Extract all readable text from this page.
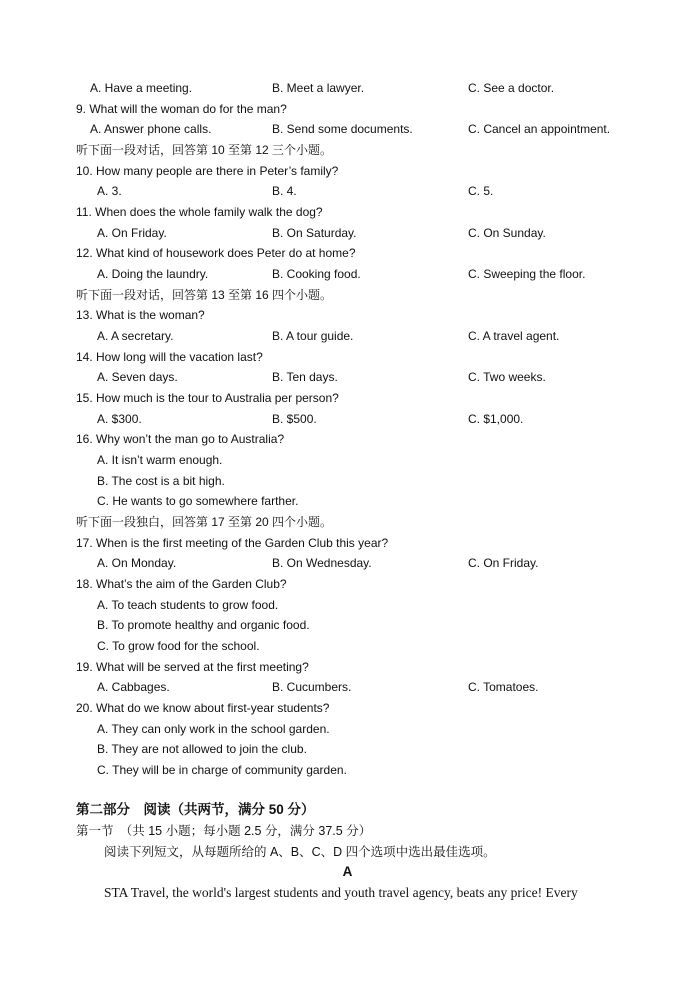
A. Have a meeting.	B. Meet a lawyer.	C. See a doctor.
9. What will the woman do for the man?
A. Answer phone calls.	B. Send some documents.	C. Cancel an appointment.
听下面一段对话，回答第 10 至第 12 三个小题。
10. How many people are there in Peter’s family?
A. 3.	B. 4.	C. 5.
11. When does the whole family walk the dog?
A. On Friday.	B. On Saturday.	C. On Sunday.
12. What kind of housework does Peter do at home?
A. Doing the laundry.	B. Cooking food.	C. Sweeping the floor.
听下面一段对话，回答第 13 至第 16 四个小题。
13. What is the woman?
A. A secretary.	B. A tour guide.	C. A travel agent.
14. How long will the vacation last?
A. Seven days.	B. Ten days.	C. Two weeks.
15. How much is the tour to Australia per person?
A. $300.	B. $500.	C. $1,000.
16. Why won’t the man go to Australia?
A. It isn’t warm enough.
B. The cost is a bit high.
C. He wants to go somewhere farther.
听下面一段独白，回答第 17 至第 20 四个小题。
17. When is the first meeting of the Garden Club this year?
A. On Monday.	B. On Wednesday.	C. On Friday.
18. What’s the aim of the Garden Club?
A. To teach students to grow food.
B. To promote healthy and organic food.
C. To grow food for the school.
19. What will be served at the first meeting?
A. Cabbages.	B. Cucumbers.	C. Tomatoes.
20. What do we know about first-year students?
A. They can only work in the school garden.
B. They are not allowed to join the club.
C. They will be in charge of community garden.
第二部分　阅读（共两节，满分 50 分）
第一节　（共 15 小题；每小题 2.5 分，满分 37.5 分）
阅读下列短文，从每题所给的 A、B、C、D 四个选项中选出最佳选项。
A
STA Travel, the world's largest students and youth travel agency, beats any price! Every
